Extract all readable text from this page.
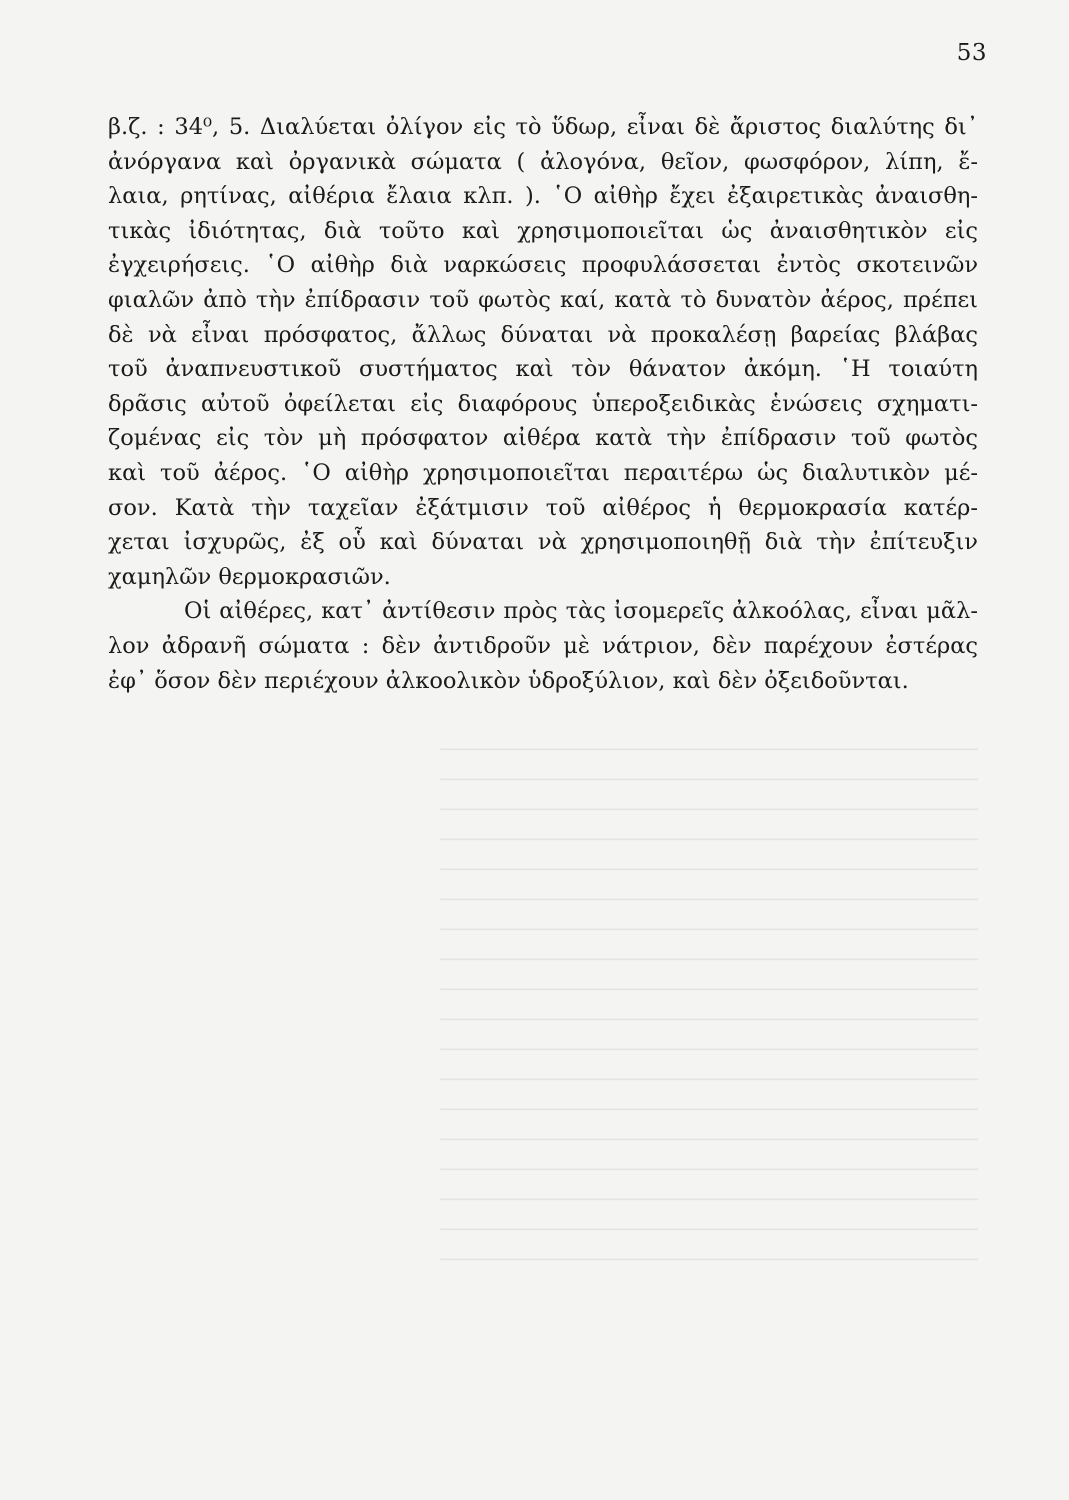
───────────────────────────────────────────────
───────────────────────────────────────────────
───────────────────────────────────────────────
───────────────────────────────────────────────
───────────────────────────────────────────────
───────────────────────────────────────────────
───────────────────────────────────────────────
───────────────────────────────────────────────
───────────────────────────────────────────────
───────────────────────────────────────────────
───────────────────────────────────────────────
───────────────────────────────────────────────
───────────────────────────────────────────────
───────────────────────────────────────────────
───────────────────────────────────────────────
───────────────────────────────────────────────
───────────────────────────────────────────────
───────────────────────────────────────────────
53
β.ζ. : 34⁰, 5. Διαλύεται ὀλίγον εἰς τὸ ὕδωρ, εἶναι δὲ ἄριστος διαλύτης δι᾽
ἀνόργανα καὶ ὀργανικὰ σώματα ( ἀλογόνα, θεῖον, φωσφόρον, λίπη, ἔ-
λαια, ρητίνας, αἰθέρια ἔλαια κλπ. ). ῾Ο αἰθὴρ ἔχει ἐξαιρετικὰς ἀναισθη-
τικὰς ἰδιότητας, διὰ τοῦτο καὶ χρησιμοποιεῖται ὡς ἀναισθητικὸν εἰς
ἐγχειρήσεις. ῾Ο αἰθὴρ διὰ ναρκώσεις προφυλάσσεται ἐντὸς σκοτεινῶν
φιαλῶν ἀπὸ τὴν ἐπίδρασιν τοῦ φωτὸς καί, κατὰ τὸ δυνατὸν ἀέρος, πρέπει
δὲ νὰ εἶναι πρόσφατος, ἄλλως δύναται νὰ προκαλέσῃ βαρείας βλάβας
τοῦ ἀναπνευστικοῦ συστήματος καὶ τὸν θάνατον ἀκόμη. ῾Η τοιαύτη
δρᾶσις αὐτοῦ ὀφείλεται εἰς διαφόρους ὑπεροξειδικὰς ἑνώσεις σχηματι-
ζομένας εἰς τὸν μὴ πρόσφατον αἰθέρα κατὰ τὴν ἐπίδρασιν τοῦ φωτὸς
καὶ τοῦ ἀέρος. ῾Ο αἰθὴρ χρησιμοποιεῖται περαιτέρω ὡς διαλυτικὸν μέ-
σον. Κατὰ τὴν ταχεῖαν ἐξάτμισιν τοῦ αἰθέρος ἡ θερμοκρασία κατέρ-
χεται ἰσχυρῶς, ἐξ οὗ καὶ δύναται νὰ χρησιμοποιηθῇ διὰ τὴν ἐπίτευξιν
χαμηλῶν θερμοκρασιῶν.
Οἱ αἰθέρες, κατ᾽ ἀντίθεσιν πρὸς τὰς ἰσομερεῖς ἀλκοόλας, εἶναι μᾶλ-
λον ἀδρανῆ σώματα : δὲν ἀντιδροῦν μὲ νάτριον, δὲν παρέχουν ἐστέρας
ἐφ᾽ ὅσον δὲν περιέχουν ἀλκοολικὸν ὑδροξύλιον, καὶ δὲν ὀξειδοῦνται.
